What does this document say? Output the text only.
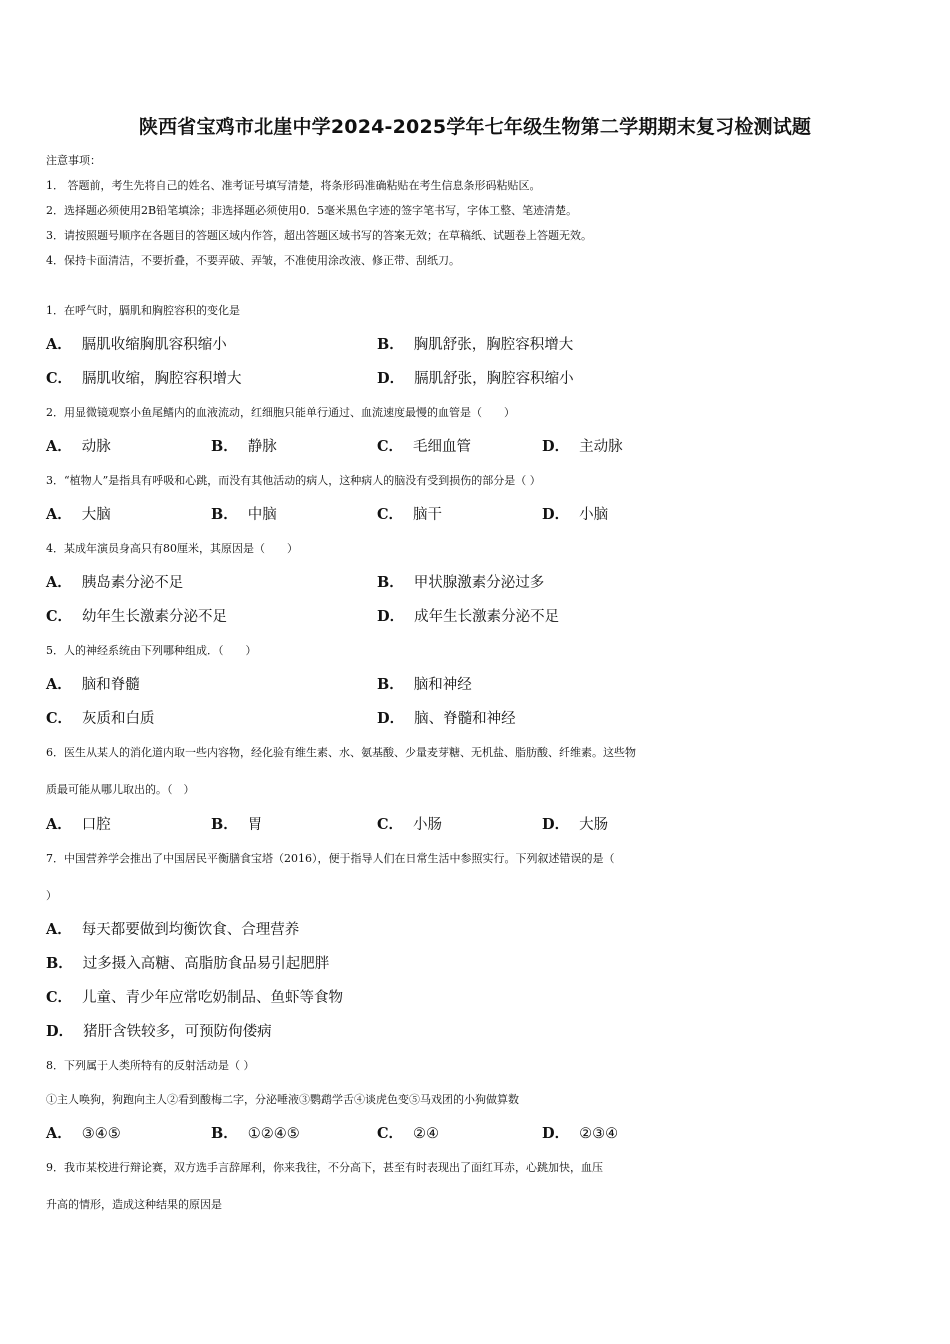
陕西省宝鸡市北崖中学2024-2025学年七年级生物第二学期期末复习检测试题
注意事项：
1． 答题前，考生先将自己的姓名、准考证号填写清楚，将条形码准确粘贴在考生信息条形码粘贴区。
2．选择题必须使用2B铅笔填涂；非选择题必须使用0．5毫米黑色字迹的签字笔书写，字体工整、笔迹清楚。
3．请按照题号顺序在各题目的答题区域内作答，超出答题区域书写的答案无效；在草稿纸、试题卷上答题无效。
4．保持卡面清洁，不要折叠，不要弄破、弄皱，不准使用涂改液、修正带、刮纸刀。
1．在呼气时，膈肌和胸腔容积的变化是
A． 膈肌收缩胸肌容积缩小	B． 胸肌舒张，胸腔容积增大
C． 膈肌收缩，胸腔容积增大	D． 膈肌舒张，胸腔容积缩小
2．用显微镜观察小鱼尾鳍内的血液流动，红细胞只能单行通过、血流速度最慢的血管是（　　）
A． 动脉	B． 静脉	C． 毛细血管	D． 主动脉
3．“植物人”是指具有呼吸和心跳，而没有其他活动的病人，这种病人的脑没有受到损伤的部分是（ ）
A． 大脑	B． 中脑	C． 脑干	D． 小脑
4．某成年演员身高只有80厘米，其原因是（　　）
A． 胰岛素分泌不足	B． 甲状腺激素分泌过多
C． 幼年生长激素分泌不足	D． 成年生长激素分泌不足
5．人的神经系统由下列哪种组成．（　　）
A． 脑和脊髓	B． 脑和神经
C． 灰质和白质	D． 脑、脊髓和神经
6．医生从某人的消化道内取一些内容物，经化验有维生素、水、氨基酸、少量麦芽糖、无机盐、脂肪酸、纤维素。这些物
质最可能从哪儿取出的。（　）
A． 口腔	B． 胃	C． 小肠	D． 大肠
7．中国营养学会推出了中国居民平衡膳食宝塔（2016），便于指导人们在日常生活中参照实行。下列叙述错误的是（
）
A． 每天都要做到均衡饮食、合理营养
B． 过多摄入高糖、高脂肪食品易引起肥胖
C． 儿童、青少年应常吃奶制品、鱼虾等食物
D． 猪肝含铁较多，可预防佝偻病
8．下列属于人类所特有的反射活动是（ ）
①主人唤狗，狗跑向主人②看到酸梅二字，分泌唾液③鹦鹉学舌④谈虎色变⑤马戏团的小狗做算数
A． ③④⑤	B． ①②④⑤	C． ②④	D． ②③④
9．我市某校进行辩论赛，双方选手言辞犀利，你来我往，不分高下，甚至有时表现出了面红耳赤，心跳加快，血压
升高的情形，造成这种结果的原因是
